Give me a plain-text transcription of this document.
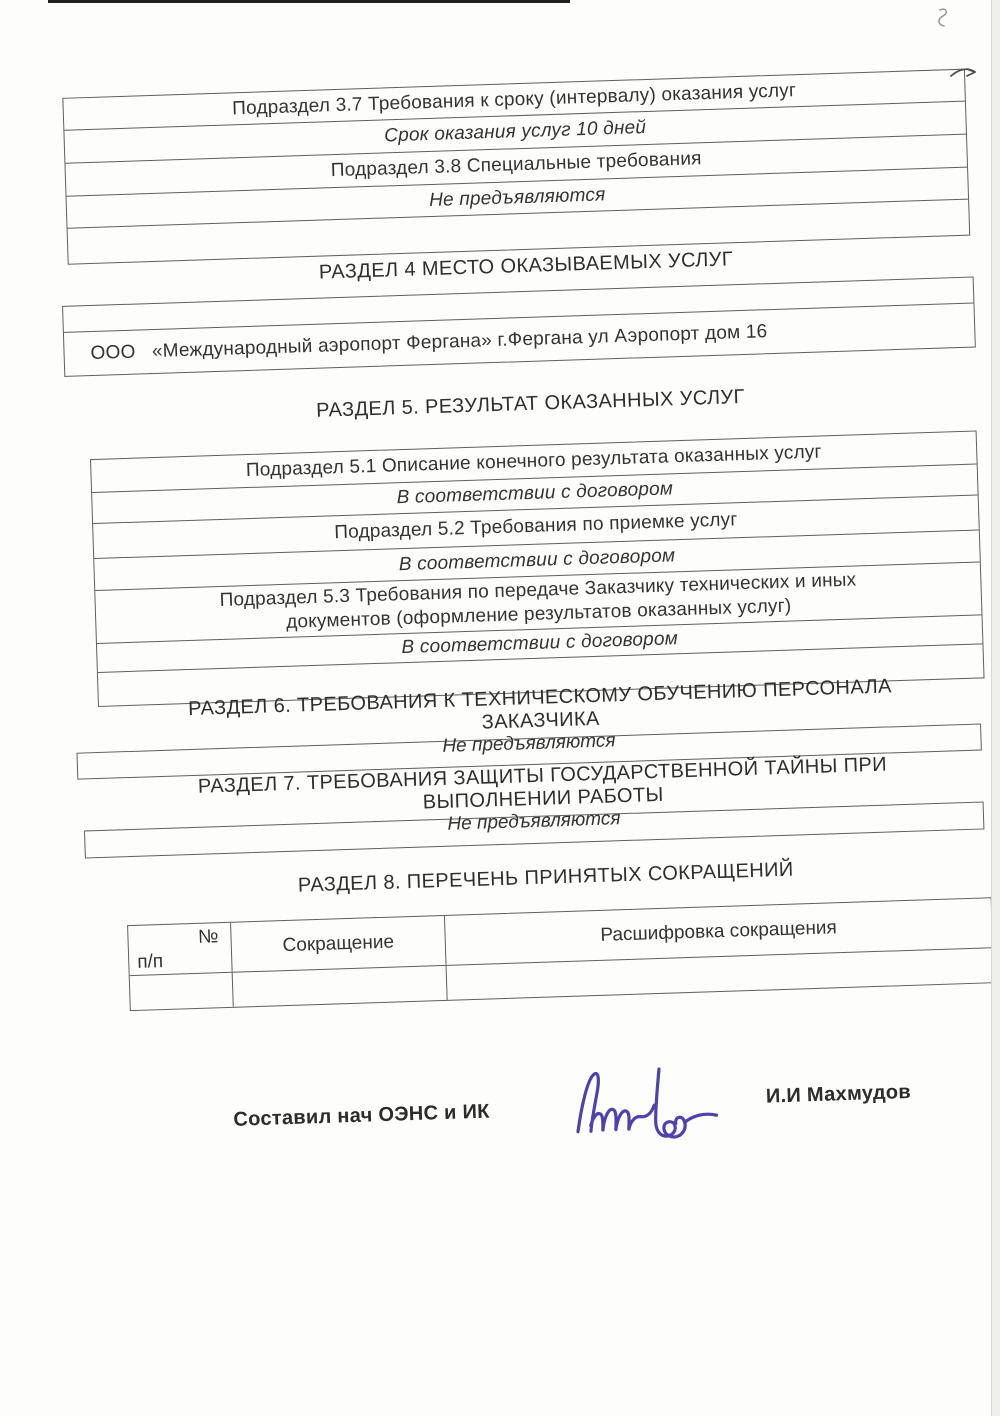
Подраздел 3.7 Требования к сроку (интервалу) оказания услуг
Срок оказания услуг 10 дней
Подраздел 3.8 Специальные требования
Не предъявляются
РАЗДЕЛ 4 МЕСТО ОКАЗЫВАЕМЫХ УСЛУГ
ООО   «Международный аэропорт Фергана» г.Фергана ул Аэропорт дом 16
РАЗДЕЛ 5. РЕЗУЛЬТАТ ОКАЗАННЫХ УСЛУГ
Подраздел 5.1 Описание конечного результата оказанных услуг
В соответствии с договором
Подраздел 5.2 Требования по приемке услуг
В соответствии с договором
Подраздел 5.3 Требования по передаче Заказчику технических и иных
документов (оформление результатов оказанных услуг)
В соответствии с договором
РАЗДЕЛ 6. ТРЕБОВАНИЯ К ТЕХНИЧЕСКОМУ ОБУЧЕНИЮ ПЕРСОНАЛА
ЗАКАЗЧИКА
Не предъявляются
РАЗДЕЛ 7. ТРЕБОВАНИЯ ЗАЩИТЫ ГОСУДАРСТВЕННОЙ ТАЙНЫ ПРИ
ВЫПОЛНЕНИИ РАБОТЫ
Не предъявляются
РАЗДЕЛ 8. ПЕРЕЧЕНЬ ПРИНЯТЫХ СОКРАЩЕНИЙ
№
п/п
Сокращение	Расшифровка сокращения
Составил нач ОЭНС и ИК
И.И Махмудов
